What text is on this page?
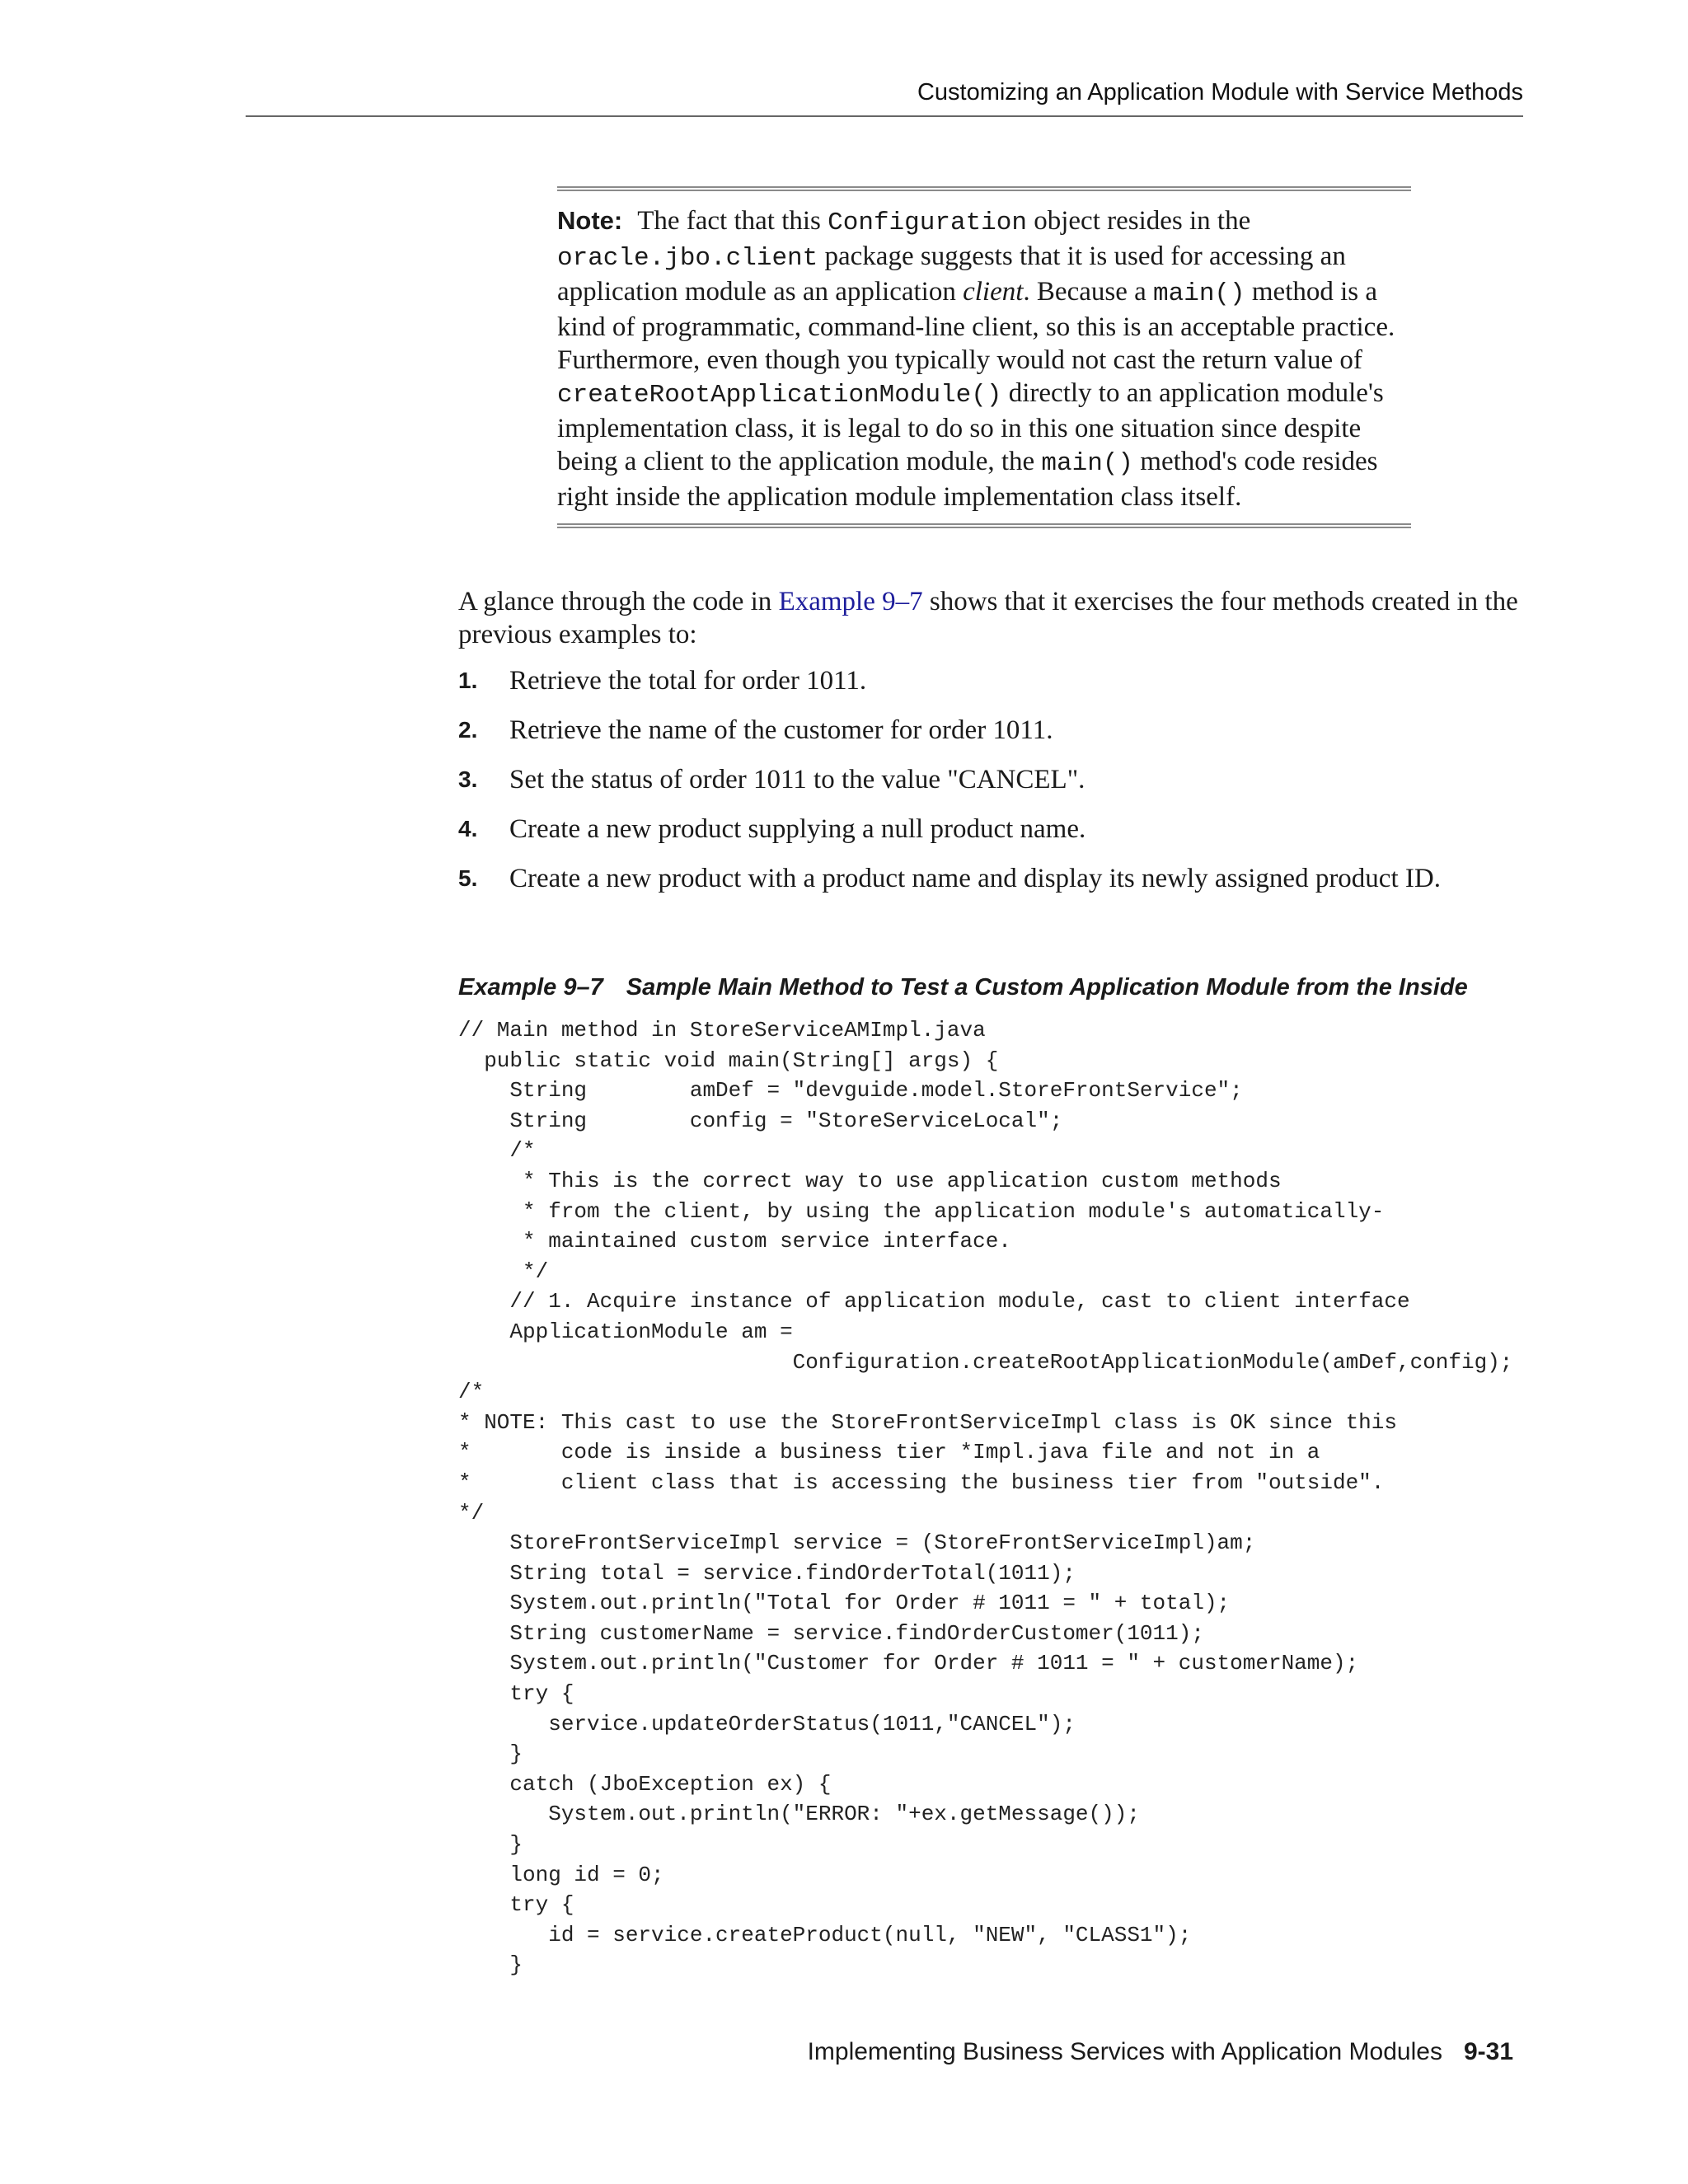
Customizing an Application Module with Service Methods
Note: The fact that this Configuration object resides in the oracle.jbo.client package suggests that it is used for accessing an application module as an application client. Because a main() method is a kind of programmatic, command-line client, so this is an acceptable practice. Furthermore, even though you typically would not cast the return value of createRootApplicationModule() directly to an application module's implementation class, it is legal to do so in this one situation since despite being a client to the application module, the main() method's code resides right inside the application module implementation class itself.
A glance through the code in Example 9–7 shows that it exercises the four methods created in the previous examples to:
1. Retrieve the total for order 1011.
2. Retrieve the name of the customer for order 1011.
3. Set the status of order 1011 to the value "CANCEL".
4. Create a new product supplying a null product name.
5. Create a new product with a product name and display its newly assigned product ID.
Example 9–7 Sample Main Method to Test a Custom Application Module from the Inside
// Main method in StoreServiceAMImpl.java
public static void main(String[] args) {
String        amDef = "devguide.model.StoreFrontService";
String        config = "StoreServiceLocal";
/*
* This is the correct way to use application custom methods
* from the client, by using the application module's automatically-
* maintained custom service interface.
*/
// 1. Acquire instance of application module, cast to client interface
ApplicationModule am =
Configuration.createRootApplicationModule(amDef,config);
/*
* NOTE: This cast to use the StoreFrontServiceImpl class is OK since this
*       code is inside a business tier *Impl.java file and not in a
*       client class that is accessing the business tier from "outside".
*/
StoreFrontServiceImpl service = (StoreFrontServiceImpl)am;
String total = service.findOrderTotal(1011);
System.out.println("Total for Order # 1011 = " + total);
String customerName = service.findOrderCustomer(1011);
System.out.println("Customer for Order # 1011 = " + customerName);
try {
service.updateOrderStatus(1011,"CANCEL");
}
catch (JboException ex) {
System.out.println("ERROR: "+ex.getMessage());
}
long id = 0;
try {
id = service.createProduct(null, "NEW", "CLASS1");
}
Implementing Business Services with Application Modules 9-31
